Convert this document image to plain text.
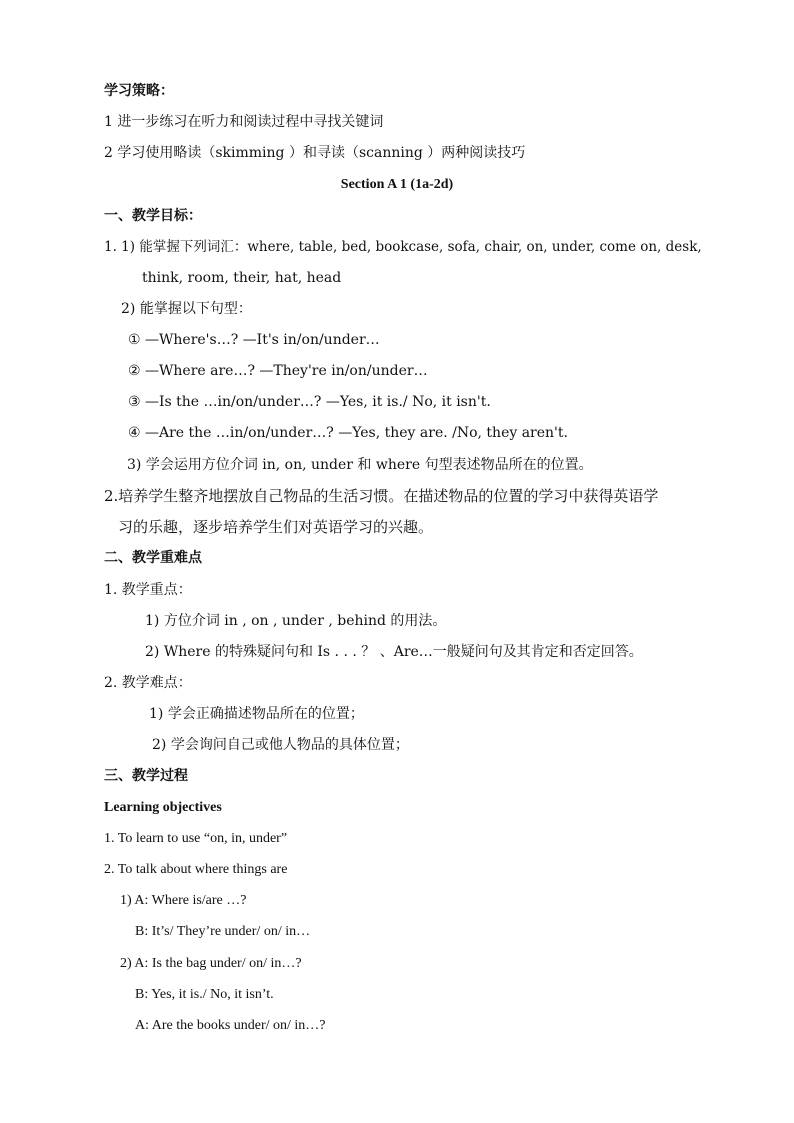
学习策略：
1 进一步练习在听力和阅读过程中寻找关键词
2 学习使用略读（skimming ）和寻读（scanning ）两种阅读技巧
Section A 1 (1a-2d)
一、教学目标：
1. 1) 能掌握下列词汇：where, table, bed, bookcase, sofa, chair, on, under, come on, desk,
think, room, their, hat, head
2) 能掌握以下句型：
① —Where's…? —It's in/on/under…
② —Where are…? —They're in/on/under…
③ —Is the …in/on/under…? —Yes, it is./ No, it isn't.
④ —Are the …in/on/under…? —Yes, they are. /No, they aren't.
3) 学会运用方位介词 in, on, under 和 where 句型表述物品所在的位置。
2.培养学生整齐地摆放自己物品的生活习惯。在描述物品的位置的学习中获得英语学
习的乐趣，逐步培养学生们对英语学习的兴趣。
二、教学重难点
1. 教学重点：
1) 方位介词 in , on , under , behind 的用法。
2) Where 的特殊疑问句和 Is . . . ？ 、Are…一般疑问句及其肯定和否定回答。
2. 教学难点：
1) 学会正确描述物品所在的位置；
2) 学会询问自己或他人物品的具体位置；
三、教学过程
Learning objectives
1. To learn to use “on, in, under”
2. To talk about where things are
1) A: Where is/are …?
B: It’s/ They’re under/ on/ in…
2) A: Is the bag under/ on/ in…?
B: Yes, it is./ No, it isn’t.
A: Are the books under/ on/ in…?
